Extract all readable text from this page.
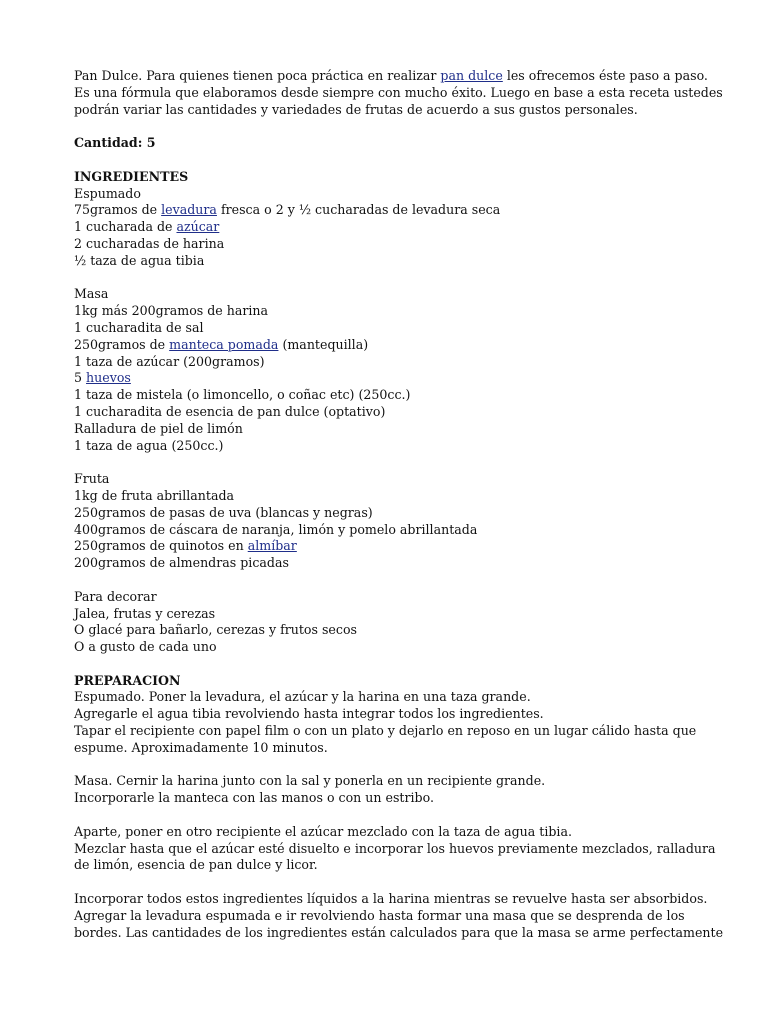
Pan Dulce. Para quienes tienen poca práctica en realizar pan dulce les ofrecemos éste paso a paso.
Es una fórmula que elaboramos desde siempre con mucho éxito. Luego en base a esta receta ustedes
podrán variar las cantidades y variedades de frutas de acuerdo a sus gustos personales.
Cantidad: 5
INGREDIENTES
Espumado
75gramos de levadura fresca o 2 y ½ cucharadas de levadura seca
1 cucharada de azúcar
2 cucharadas de harina
½ taza de agua tibia
Masa
1kg más 200gramos de harina
1 cucharadita de sal
250gramos de manteca pomada (mantequilla)
1 taza de azúcar (200gramos)
5 huevos
1 taza de mistela (o limoncello, o coñac etc) (250cc.)
1 cucharadita de esencia de pan dulce (optativo)
Ralladura de piel de limón
1 taza de agua (250cc.)
Fruta
1kg de fruta abrillantada
250gramos de pasas de uva (blancas y negras)
400gramos de cáscara de naranja, limón y pomelo abrillantada
250gramos de quinotos en almíbar
200gramos de almendras picadas
Para decorar
Jalea, frutas y cerezas
O glacé para bañarlo, cerezas y frutos secos
O a gusto de cada uno
PREPARACION
Espumado. Poner la levadura, el azúcar y la harina en una taza grande.
Agregarle el agua tibia revolviendo hasta integrar todos los ingredientes.
Tapar el recipiente con papel film o con un plato y dejarlo en reposo en un lugar cálido hasta que
espume. Aproximadamente 10 minutos.
Masa. Cernir la harina junto con la sal y ponerla en un recipiente grande.
Incorporarle la manteca con las manos o con un estribo.
Aparte, poner en otro recipiente el azúcar mezclado con la taza de agua tibia.
Mezclar hasta que el azúcar esté disuelto e incorporar los huevos previamente mezclados, ralladura
de limón, esencia de pan dulce y licor.
Incorporar todos estos ingredientes líquidos a la harina mientras se revuelve hasta ser absorbidos.
Agregar la levadura espumada e ir revolviendo hasta formar una masa que se desprenda de los
bordes. Las cantidades de los ingredientes están calculados para que la masa se arme perfectamente
